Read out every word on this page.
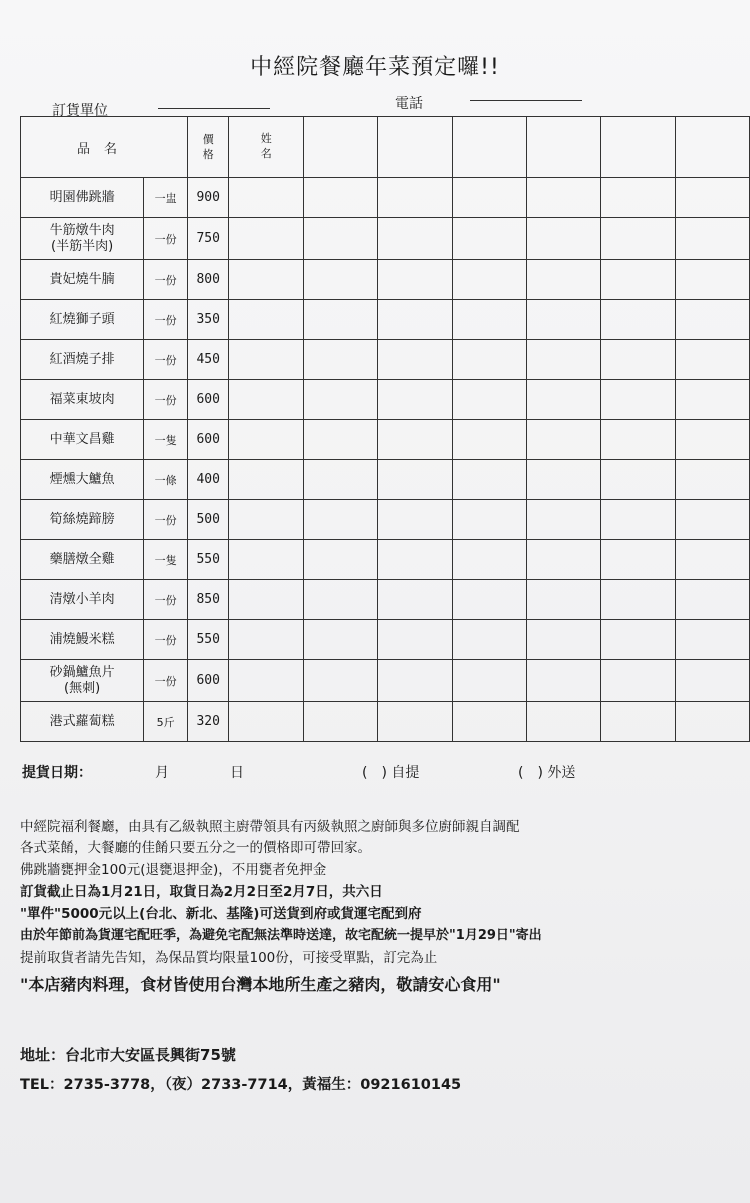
中經院餐廳年菜預定囉!!
訂貨單位	電話
品名		價格	姓名						
明園佛跳牆	一盅	900							
牛筋燉牛肉
(半筋半肉)	一份	750							
貴妃燒牛腩	一份	800							
紅燒獅子頭	一份	350							
紅酒燒子排	一份	450							
福菜東坡肉	一份	600							
中華文昌雞	一隻	600							
煙燻大鱸魚	一條	400							
筍絲燒蹄膀	一份	500							
藥膳燉全雞	一隻	550							
清燉小羊肉	一份	850							
浦燒鰻米糕	一份	550							
砂鍋鱸魚片
(無刺)	一份	600							
港式蘿蔔糕	5斤	320							
提貨日期：	月	日	(　) 自提	(　) 外送
中經院福利餐廳，由具有乙級執照主廚帶領具有丙級執照之廚師與多位廚師親自調配
各式菜餚，大餐廳的佳餚只要五分之一的價格即可帶回家。
佛跳牆甕押金100元(退甕退押金)，不用甕者免押金
訂貨截止日為1月21日，取貨日為2月2日至2月7日，共六日
"單件"5000元以上(台北、新北、基隆)可送貨到府或貨運宅配到府
由於年節前為貨運宅配旺季，為避免宅配無法準時送達，故宅配統一提早於"1月29日"寄出
提前取貨者請先告知，為保品質均限量100份，可接受單點，訂完為止
"本店豬肉料理，食材皆使用台灣本地所生產之豬肉，敬請安心食用"
地址：台北市大安區長興街75號
TEL：2735-3778，（夜）2733-7714，黃福生：0921610145
